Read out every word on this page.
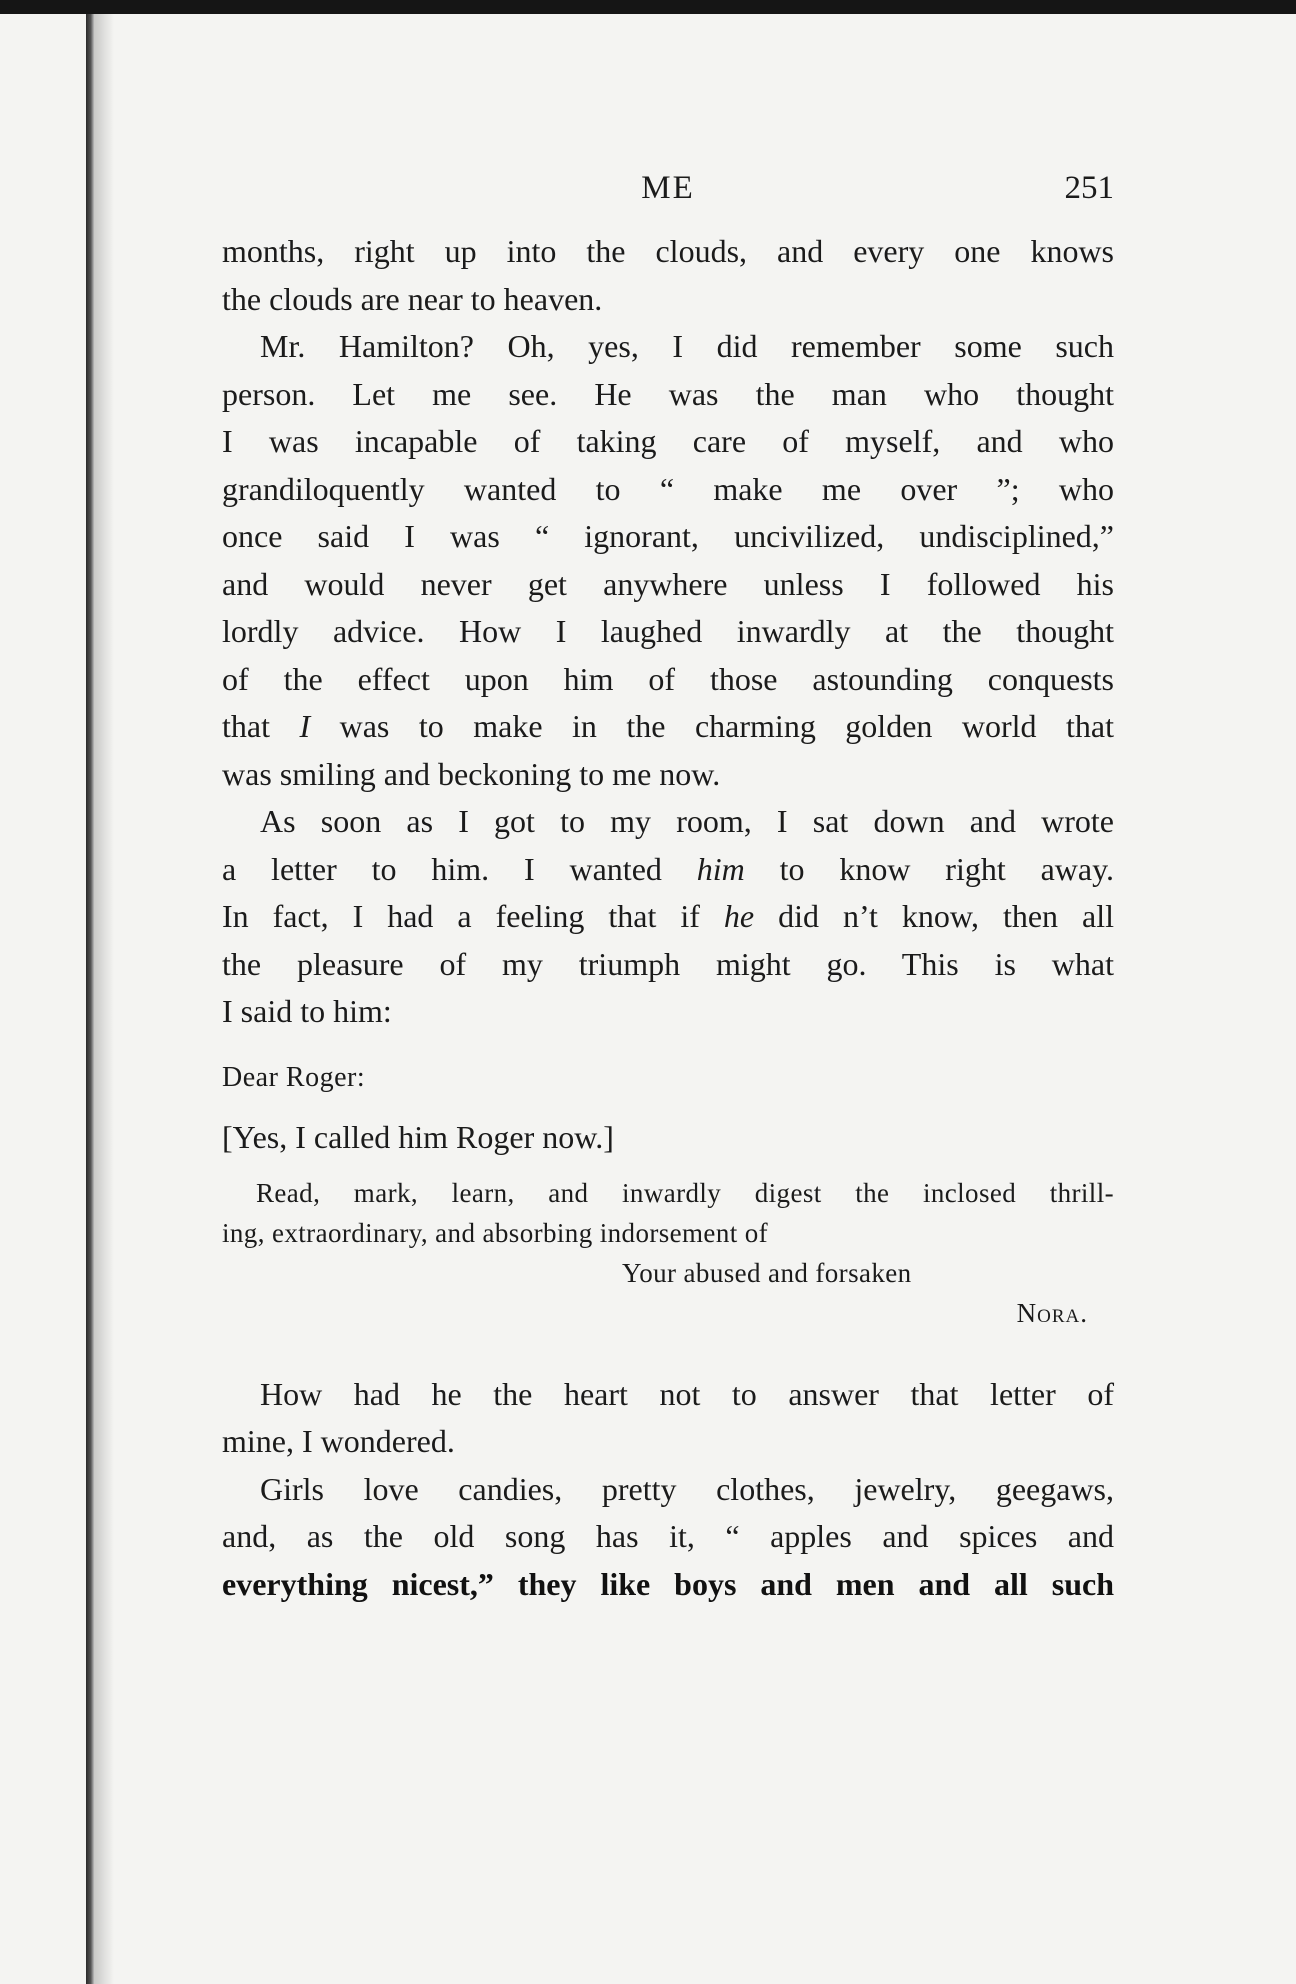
ME	251

months, right up into the clouds, and every one knows

the clouds are near to heaven.

Mr. Hamilton? Oh, yes, I did remember some such

person. Let me see. He was the man who thought

I was incapable of taking care of myself, and who

grandiloquently wanted to “ make me over ”; who

once said I was “ ignorant, uncivilized, undisciplined,”

and would never get anywhere unless I followed his

lordly advice. How I laughed inwardly at the thought

of the effect upon him of those astounding conquests

that I was to make in the charming golden world that

was smiling and beckoning to me now.

As soon as I got to my room, I sat down and wrote

a letter to him. I wanted him to know right away.

In fact, I had a feeling that if he did n’t know, then all

the pleasure of my triumph might go. This is what

I said to him:

Dear Roger:

[Yes, I called him Roger now.]

Read, mark, learn, and inwardly digest the inclosed thrill-

ing, extraordinary, and absorbing indorsement of

Your abused and forsaken

Nora.

How had he the heart not to answer that letter of

mine, I wondered.

Girls love candies, pretty clothes, jewelry, geegaws,

and, as the old song has it, “ apples and spices and

everything nicest,” they like boys and men and all such
